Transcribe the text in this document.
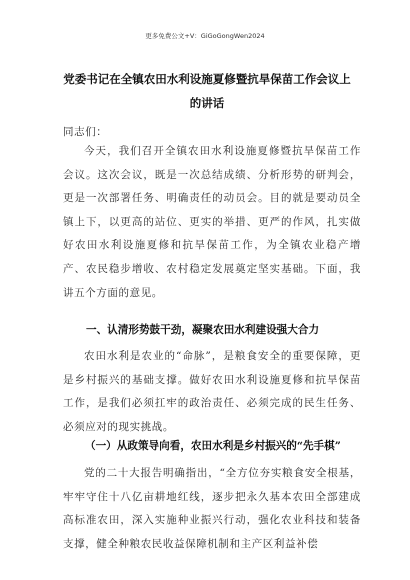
更多免费公文+V：GiGoGongWen2024
党委书记在全镇农田水利设施夏修暨抗旱保苗工作会议上
的讲话
同志们：
今天，我们召开全镇农田水利设施夏修暨抗旱保苗工作会议。这次会议，既是一次总结成绩、分析形势的研判会，更是一次部署任务、明确责任的动员会。目的就是要动员全镇上下，以更高的站位、更实的举措、更严的作风，扎实做好农田水利设施夏修和抗旱保苗工作，为全镇农业稳产增产、农民稳步增收、农村稳定发展奠定坚实基础。下面，我讲五个方面的意见。
一、认清形势鼓干劲，凝聚农田水利建设强大合力
农田水利是农业的“命脉”，是粮食安全的重要保障，更是乡村振兴的基础支撑。做好农田水利设施夏修和抗旱保苗工作，是我们必须扛牢的政治责任、必须完成的民生任务、必须应对的现实挑战。
（一）从政策导向看，农田水利是乡村振兴的“先手棋”
党的二十大报告明确指出，“全方位夯实粮食安全根基，牢牢守住十八亿亩耕地红线，逐步把永久基本农田全部建成高标准农田，深入实施种业振兴行动，强化农业科技和装备支撑，健全种粮农民收益保障机制和主产区利益补偿
